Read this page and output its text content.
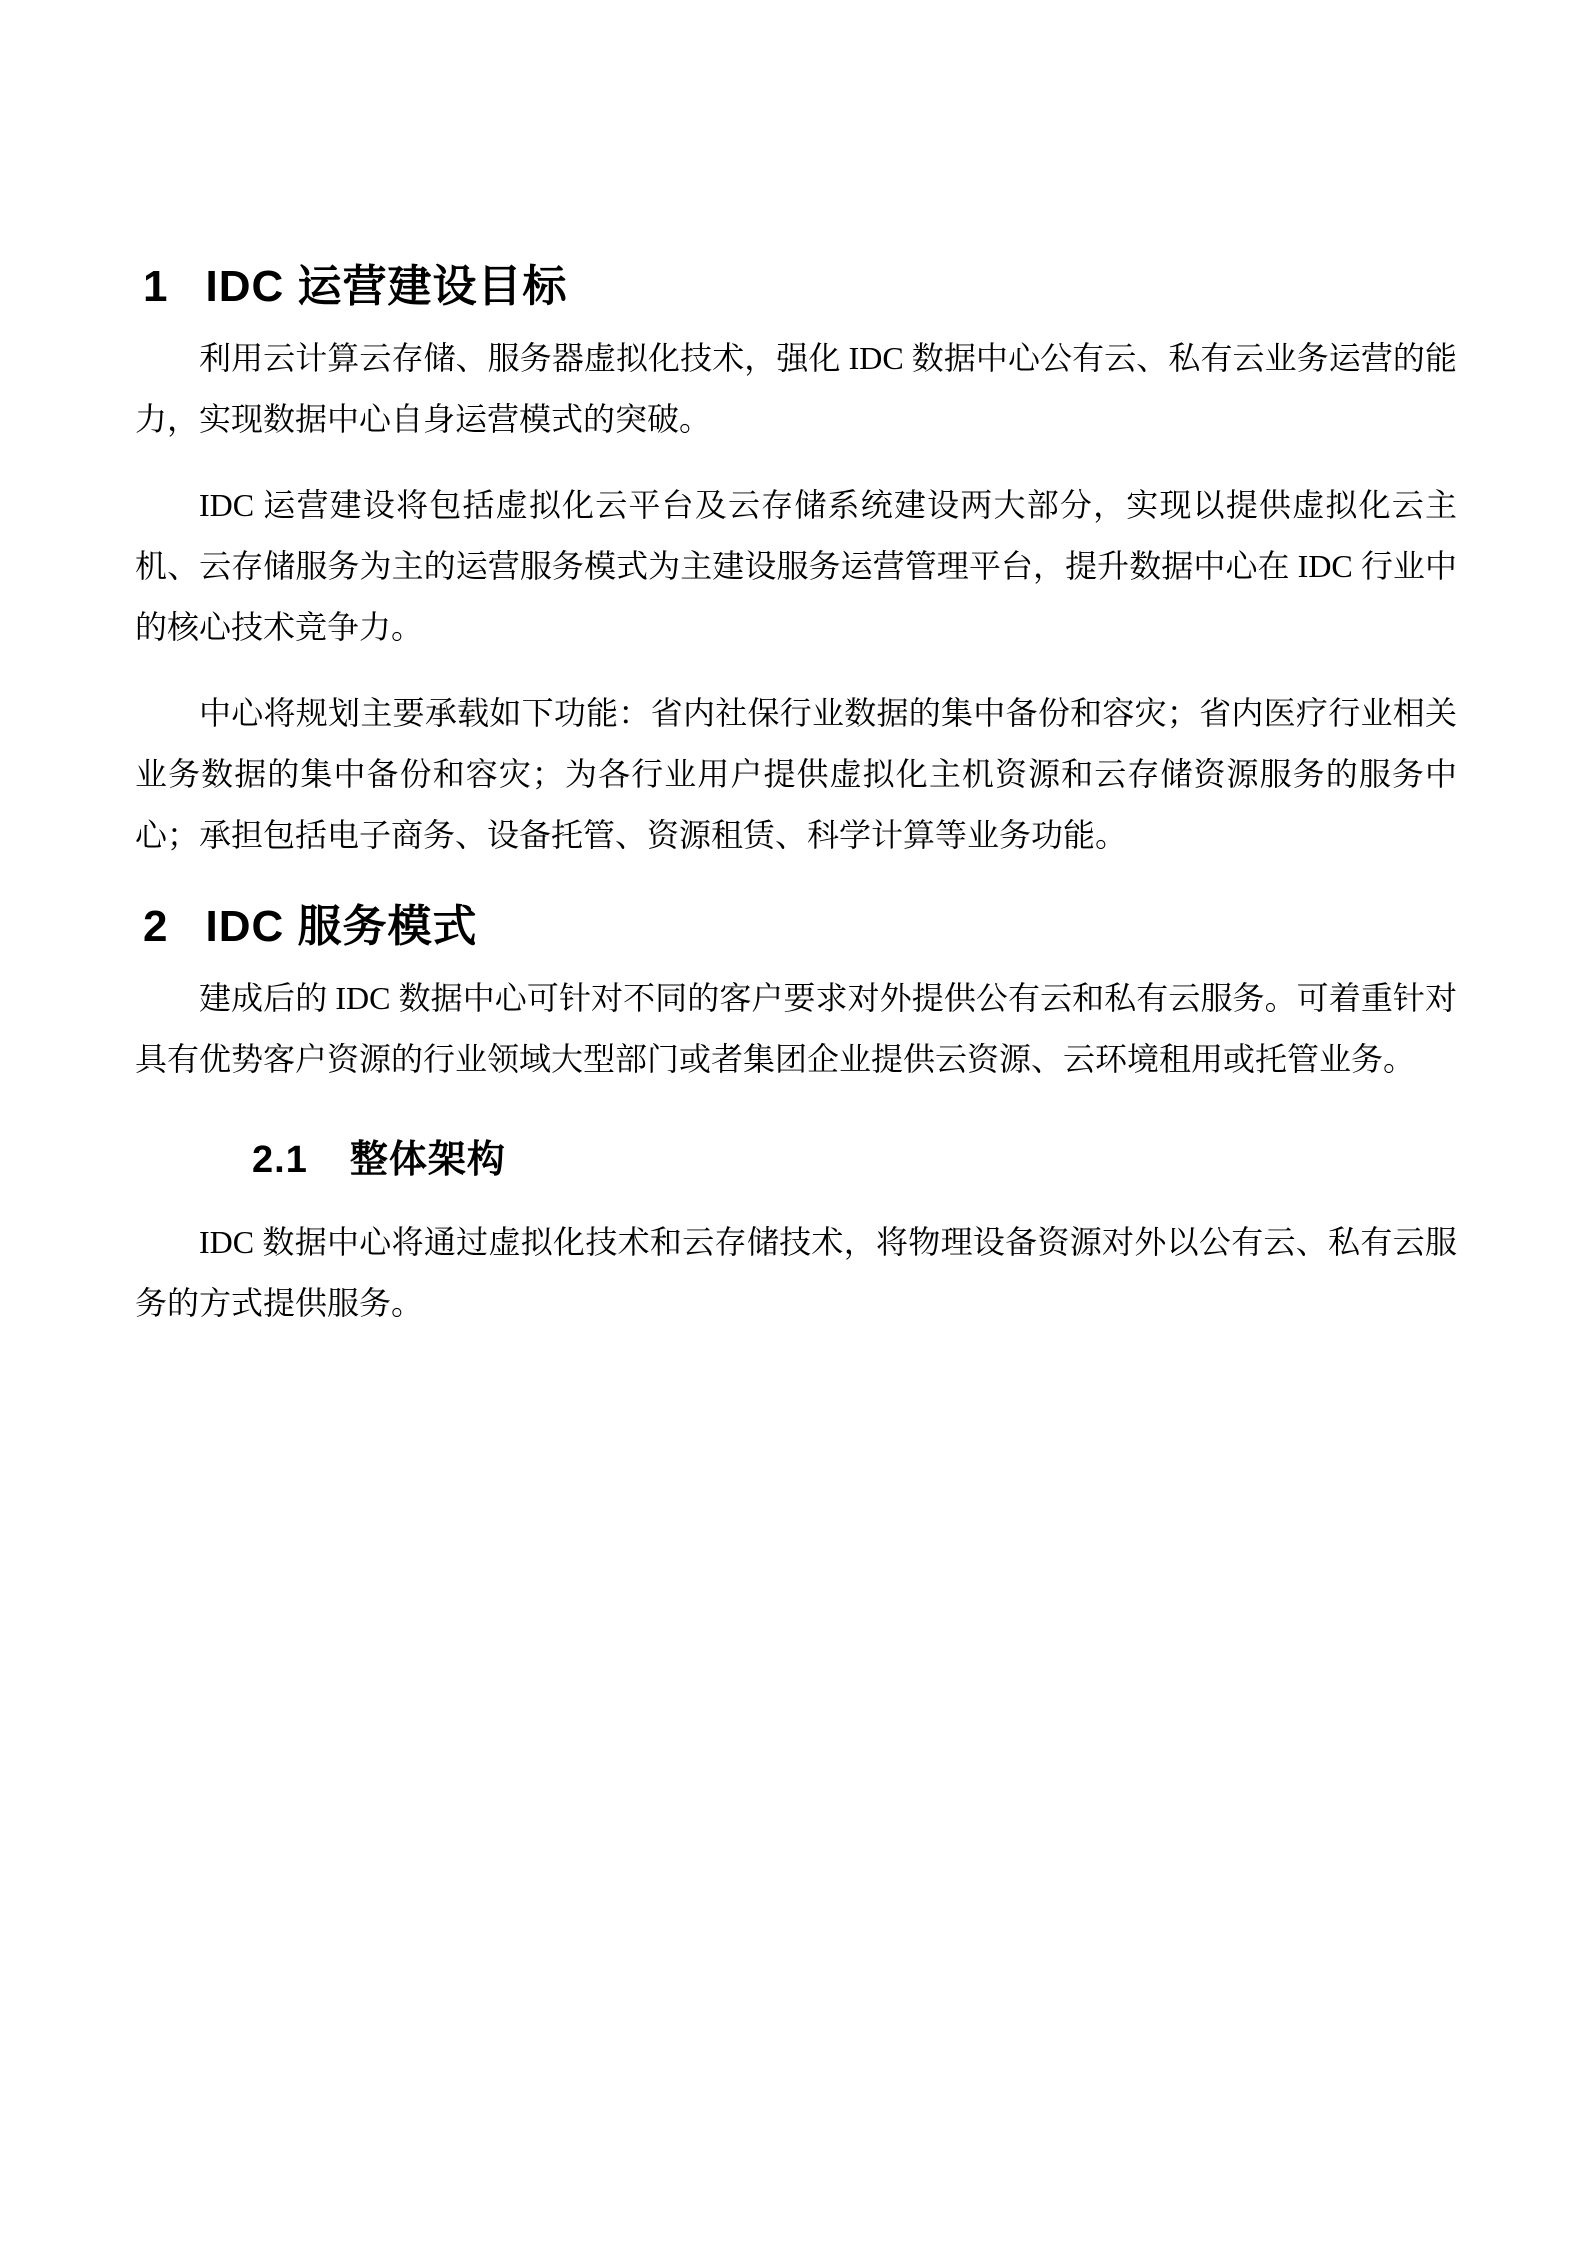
1 IDC 运营建设目标

利用云计算云存储、服务器虚拟化技术，强化 IDC 数据中心公有云、私有云业务运营的能力，实现数据中心自身运营模式的突破。

IDC 运营建设将包括虚拟化云平台及云存储系统建设两大部分，实现以提供虚拟化云主机、云存储服务为主的运营服务模式为主建设服务运营管理平台，提升数据中心在 IDC 行业中的核心技术竞争力。

中心将规划主要承载如下功能：省内社保行业数据的集中备份和容灾；省内医疗行业相关业务数据的集中备份和容灾；为各行业用户提供虚拟化主机资源和云存储资源服务的服务中心；承担包括电子商务、设备托管、资源租赁、科学计算等业务功能。

2 IDC 服务模式

建成后的 IDC 数据中心可针对不同的客户要求对外提供公有云和私有云服务。可着重针对具有优势客户资源的行业领域大型部门或者集团企业提供云资源、云环境租用或托管业务。

2.1 整体架构

IDC 数据中心将通过虚拟化技术和云存储技术，将物理设备资源对外以公有云、私有云服务的方式提供服务。
